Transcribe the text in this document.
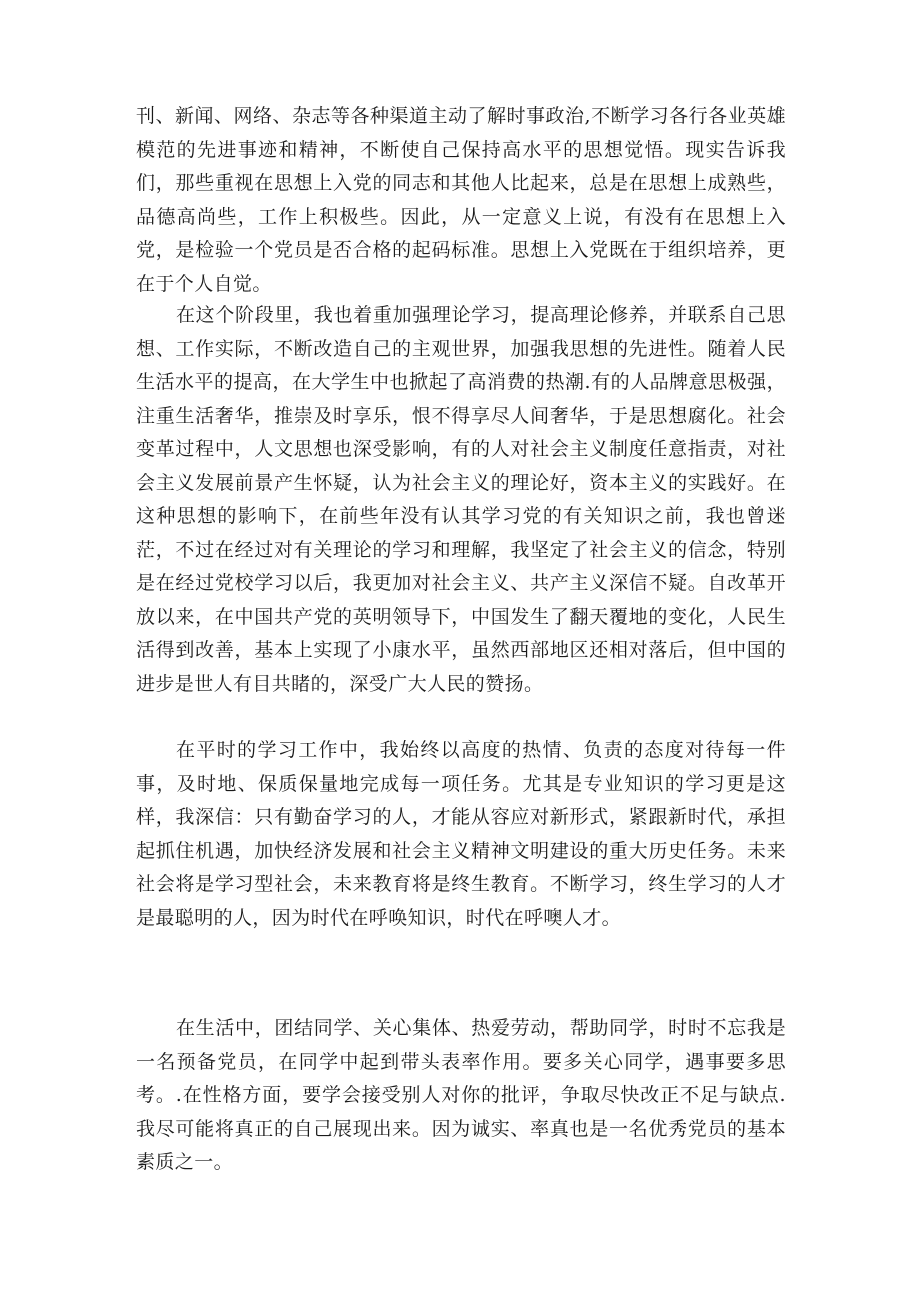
刊、新闻、网络、杂志等各种渠道主动了解时事政治,不断学习各行各业英雄模范的先进事迹和精神，不断使自己保持高水平的思想觉悟。现实告诉我们，那些重视在思想上入党的同志和其他人比起来，总是在思想上成熟些，品德高尚些，工作上积极些。因此，从一定意义上说，有没有在思想上入党，是检验一个党员是否合格的起码标准。思想上入党既在于组织培养，更在于个人自觉。

在这个阶段里，我也着重加强理论学习，提高理论修养，并联系自己思想、工作实际，不断改造自己的主观世界，加强我思想的先进性。随着人民生活水平的提高，在大学生中也掀起了高消费的热潮.有的人品牌意思极强，注重生活奢华，推崇及时享乐，恨不得享尽人间奢华，于是思想腐化。社会变革过程中，人文思想也深受影响，有的人对社会主义制度任意指责，对社会主义发展前景产生怀疑，认为社会主义的理论好，资本主义的实践好。在这种思想的影响下，在前些年没有认其学习党的有关知识之前，我也曾迷茫，不过在经过对有关理论的学习和理解，我坚定了社会主义的信念，特别是在经过党校学习以后，我更加对社会主义、共产主义深信不疑。自改革开放以来，在中国共产党的英明领导下，中国发生了翻天覆地的变化，人民生活得到改善，基本上实现了小康水平，虽然西部地区还相对落后，但中国的进步是世人有目共睹的，深受广大人民的赞扬。

在平时的学习工作中，我始终以高度的热情、负责的态度对待每一件事，及时地、保质保量地完成每一项任务。尤其是专业知识的学习更是这样，我深信：只有勤奋学习的人，才能从容应对新形式，紧跟新时代，承担起抓住机遇，加快经济发展和社会主义精神文明建设的重大历史任务。未来社会将是学习型社会，未来教育将是终生教育。不断学习，终生学习的人才是最聪明的人，因为时代在呼唤知识，时代在呼噢人才。

在生活中，团结同学、关心集体、热爱劳动，帮助同学，时时不忘我是一名预备党员，在同学中起到带头表率作用。要多关心同学，遇事要多思考。.在性格方面，要学会接受别人对你的批评，争取尽快改正不足与缺点.我尽可能将真正的自己展现出来。因为诚实、率真也是一名优秀党员的基本素质之一。
